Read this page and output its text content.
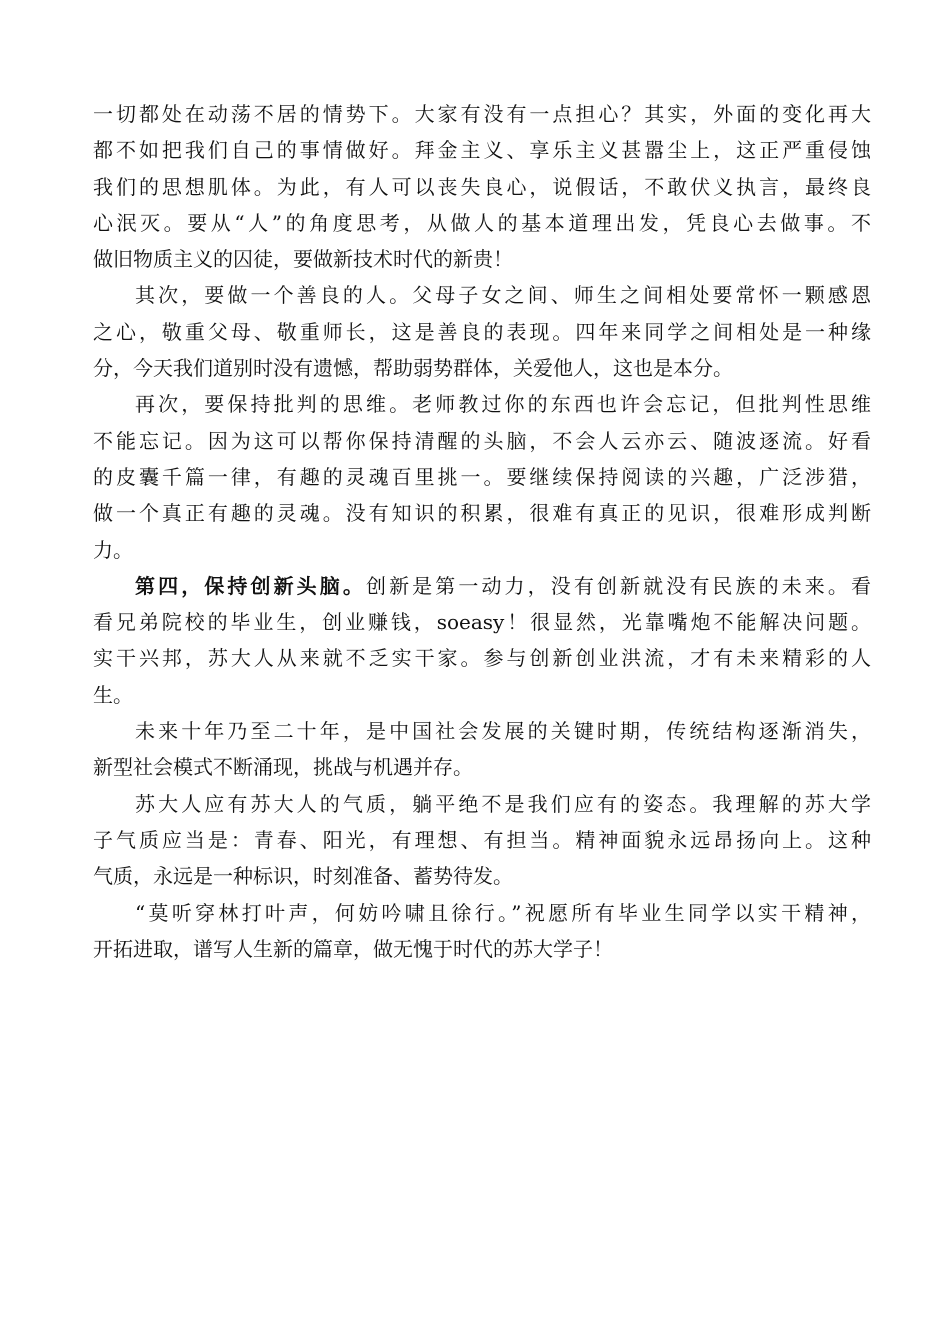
一切都处在动荡不居的情势下。大家有没有一点担心？其实，外面的变化再大
都不如把我们自己的事情做好。拜金主义、享乐主义甚嚣尘上，这正严重侵蚀
我们的思想肌体。为此，有人可以丧失良心，说假话，不敢伏义执言，最终良
心泯灭。要从“人”的角度思考，从做人的基本道理出发，凭良心去做事。不
做旧物质主义的囚徒，要做新技术时代的新贵！
其次，要做一个善良的人。父母子女之间、师生之间相处要常怀一颗感恩
之心，敬重父母、敬重师长，这是善良的表现。四年来同学之间相处是一种缘
分，今天我们道别时没有遗憾，帮助弱势群体，关爱他人，这也是本分。
再次，要保持批判的思维。老师教过你的东西也许会忘记，但批判性思维
不能忘记。因为这可以帮你保持清醒的头脑，不会人云亦云、随波逐流。好看
的皮囊千篇一律，有趣的灵魂百里挑一。要继续保持阅读的兴趣，广泛涉猎，
做一个真正有趣的灵魂。没有知识的积累，很难有真正的见识，很难形成判断
力。
第四，保持创新头脑。创新是第一动力，没有创新就没有民族的未来。看
看兄弟院校的毕业生，创业赚钱，soeasy！很显然，光靠嘴炮不能解决问题。
实干兴邦，苏大人从来就不乏实干家。参与创新创业洪流，才有未来精彩的人
生。
未来十年乃至二十年，是中国社会发展的关键时期，传统结构逐渐消失，
新型社会模式不断涌现，挑战与机遇并存。
苏大人应有苏大人的气质，躺平绝不是我们应有的姿态。我理解的苏大学
子气质应当是：青春、阳光，有理想、有担当。精神面貌永远昂扬向上。这种
气质，永远是一种标识，时刻准备、蓄势待发。
“莫听穿林打叶声，何妨吟啸且徐行。”祝愿所有毕业生同学以实干精神，
开拓进取，谱写人生新的篇章，做无愧于时代的苏大学子！
